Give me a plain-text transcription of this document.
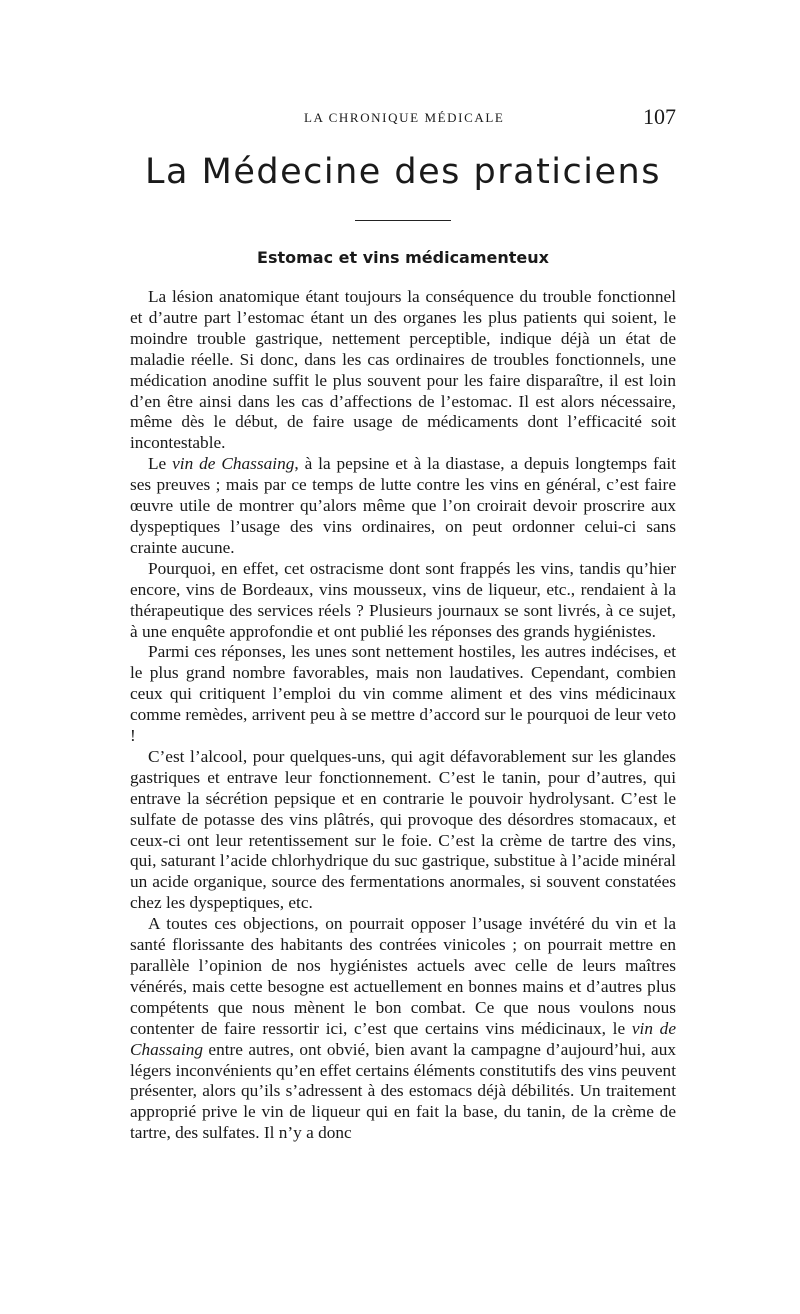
LA CHRONIQUE MÉDICALE	107
La Médecine des praticiens
Estomac et vins médicamenteux

La lésion anatomique étant toujours la conséquence du trouble fonctionnel et d’autre part l’estomac étant un des organes les plus patients qui soient, le moindre trouble gastrique, nettement perceptible, indique déjà un état de maladie réelle. Si donc, dans les cas ordinaires de troubles fonctionnels, une médication anodine suffit le plus souvent pour les faire disparaître, il est loin d’en être ainsi dans les cas d’affections de l’estomac. Il est alors nécessaire, même dès le début, de faire usage de médicaments dont l’efficacité soit incontestable.

Le vin de Chassaing, à la pepsine et à la diastase, a depuis longtemps fait ses preuves ; mais par ce temps de lutte contre les vins en général, c’est faire œuvre utile de montrer qu’alors même que l’on croirait devoir proscrire aux dyspeptiques l’usage des vins ordinaires, on peut ordonner celui-ci sans crainte aucune.

Pourquoi, en effet, cet ostracisme dont sont frappés les vins, tandis qu’hier encore, vins de Bordeaux, vins mousseux, vins de liqueur, etc., rendaient à la thérapeutique des services réels ? Plusieurs journaux se sont livrés, à ce sujet, à une enquête approfondie et ont publié les réponses des grands hygiénistes.

Parmi ces réponses, les unes sont nettement hostiles, les autres indécises, et le plus grand nombre favorables, mais non laudatives. Cependant, combien ceux qui critiquent l’emploi du vin comme aliment et des vins médicinaux comme remèdes, arrivent peu à se mettre d’accord sur le pourquoi de leur veto !

C’est l’alcool, pour quelques-uns, qui agit défavorablement sur les glandes gastriques et entrave leur fonctionnement. C’est le tanin, pour d’autres, qui entrave la sécrétion pepsique et en contrarie le pouvoir hydrolysant. C’est le sulfate de potasse des vins plâtrés, qui provoque des désordres stomacaux, et ceux-ci ont leur retentissement sur le foie. C’est la crème de tartre des vins, qui, saturant l’acide chlorhydrique du suc gastrique, substitue à l’acide minéral un acide organique, source des fermentations anormales, si souvent constatées chez les dyspeptiques, etc.

A toutes ces objections, on pourrait opposer l’usage invétéré du vin et la santé florissante des habitants des contrées vinicoles ; on pourrait mettre en parallèle l’opinion de nos hygiénistes actuels avec celle de leurs maîtres vénérés, mais cette besogne est actuellement en bonnes mains et d’autres plus compétents que nous mènent le bon combat. Ce que nous voulons nous contenter de faire ressortir ici, c’est que certains vins médicinaux, le vin de Chassaing entre autres, ont obvié, bien avant la campagne d’aujourd’hui, aux légers inconvénients qu’en effet certains éléments constitutifs des vins peuvent présenter, alors qu’ils s’adressent à des estomacs déjà débilités. Un traitement approprié prive le vin de liqueur qui en fait la base, du tanin, de la crème de tartre, des sulfates. Il n’y a donc
